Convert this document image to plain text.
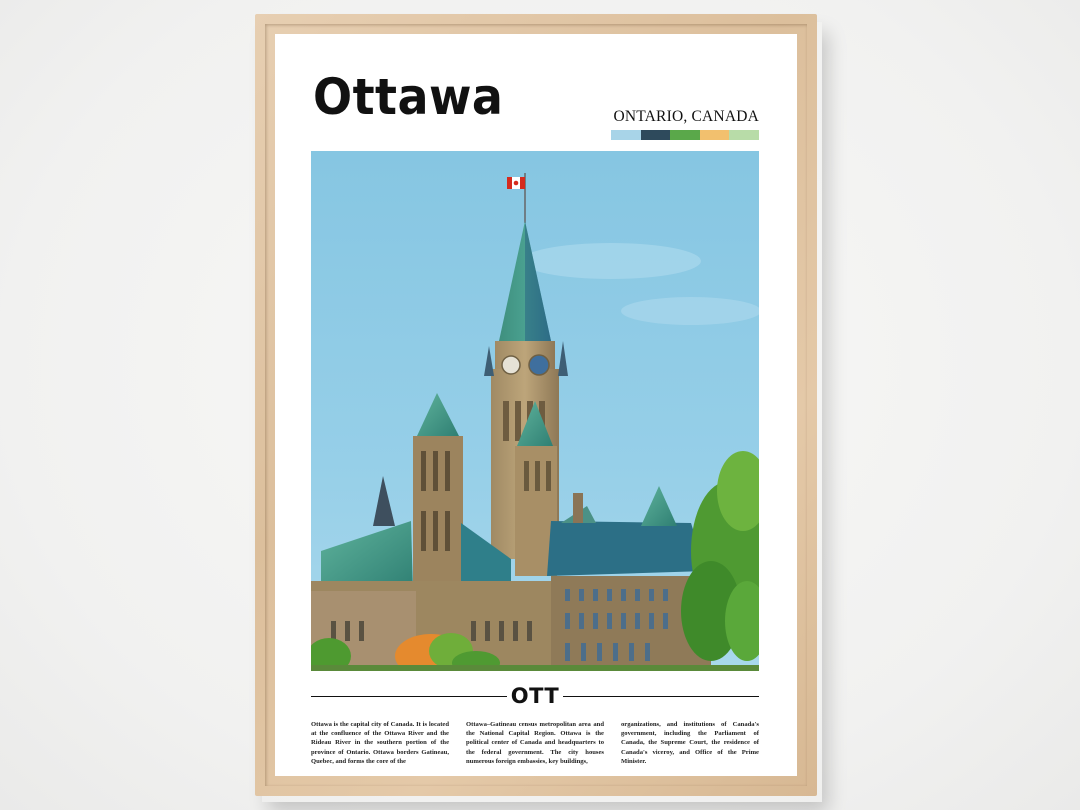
Ottawa	ONTARIO, CANADA
OTT
Ottawa is the capital city of Canada. It is located at the confluence of the Ottawa River and the Rideau River in the southern portion of the province of Ontario. Ottawa borders Gatineau, Quebec, and forms the core of the
Ottawa–Gatineau census metropolitan area and the National Capital Region. Ottawa is the political center of Canada and headquarters to the federal government. The city houses numerous foreign embassies, key buildings,
organizations, and institutions of Canada's government, including the Parliament of Canada, the Supreme Court, the residence of Canada's viceroy, and Office of the Prime Minister.
